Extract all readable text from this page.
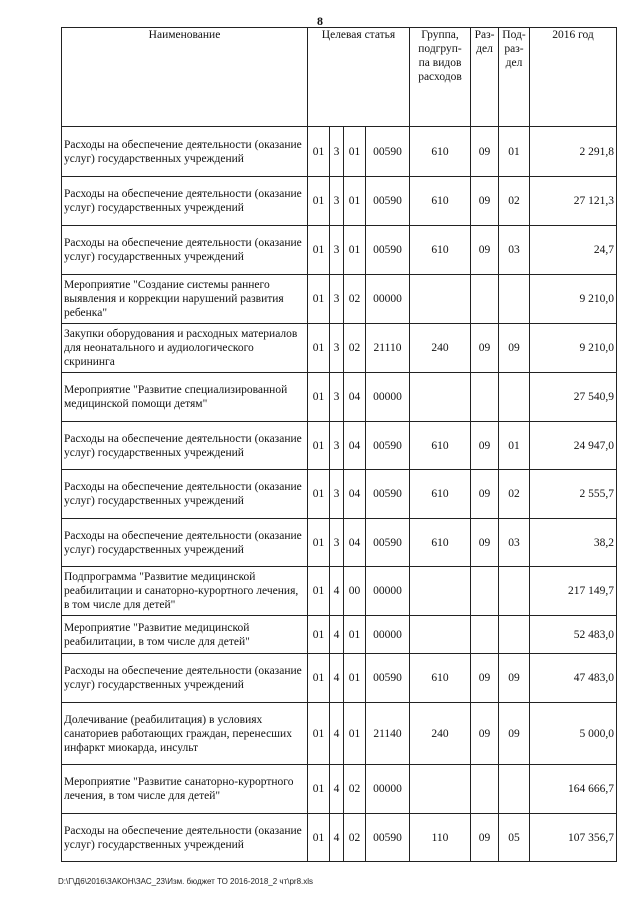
8
Наименование	Целевая статья				Группа, подгруп- па видов расходов	Раз- дел	Под- раз- дел	2016 год
Расходы на обеспечение деятельности (оказание услуг) государственных учреждений	01	3	01	00590	610	09	01	2 291,8
Расходы на обеспечение деятельности (оказание услуг) государственных учреждений	01	3	01	00590	610	09	02	27 121,3
Расходы на обеспечение деятельности (оказание услуг) государственных учреждений	01	3	01	00590	610	09	03	24,7
Мероприятие "Создание системы раннего выявления и коррекции нарушений развития ребенка"	01	3	02	00000				9 210,0
Закупки оборудования и расходных материалов для неонатального и аудиологического скрининга	01	3	02	21110	240	09	09	9 210,0
Мероприятие "Развитие специализированной медицинской помощи детям"	01	3	04	00000				27 540,9
Расходы на обеспечение деятельности (оказание услуг) государственных учреждений	01	3	04	00590	610	09	01	24 947,0
Расходы на обеспечение деятельности (оказание услуг) государственных учреждений	01	3	04	00590	610	09	02	2 555,7
Расходы на обеспечение деятельности (оказание услуг) государственных учреждений	01	3	04	00590	610	09	03	38,2
Подпрограмма "Развитие медицинской реабилитации и санаторно-курортного лечения, в том числе для детей"	01	4	00	00000				217 149,7
Мероприятие "Развитие медицинской реабилитации, в том числе для детей"	01	4	01	00000				52 483,0
Расходы на обеспечение деятельности (оказание услуг) государственных учреждений	01	4	01	00590	610	09	09	47 483,0
Долечивание (реабилитация) в условиях санаториев работающих граждан, перенесших инфаркт миокарда, инсульт	01	4	01	21140	240	09	09	5 000,0
Мероприятие "Развитие санаторно-курортного лечения, в том числе для детей"	01	4	02	00000				164 666,7
Расходы на обеспечение деятельности (оказание услуг) государственных учреждений	01	4	02	00590	110	09	05	107 356,7
D:\Г\Д6\2016\ЗАКОН\ЗАС_23\Изм. бюджет ТО 2016-2018_2 чт\pr8.xls
